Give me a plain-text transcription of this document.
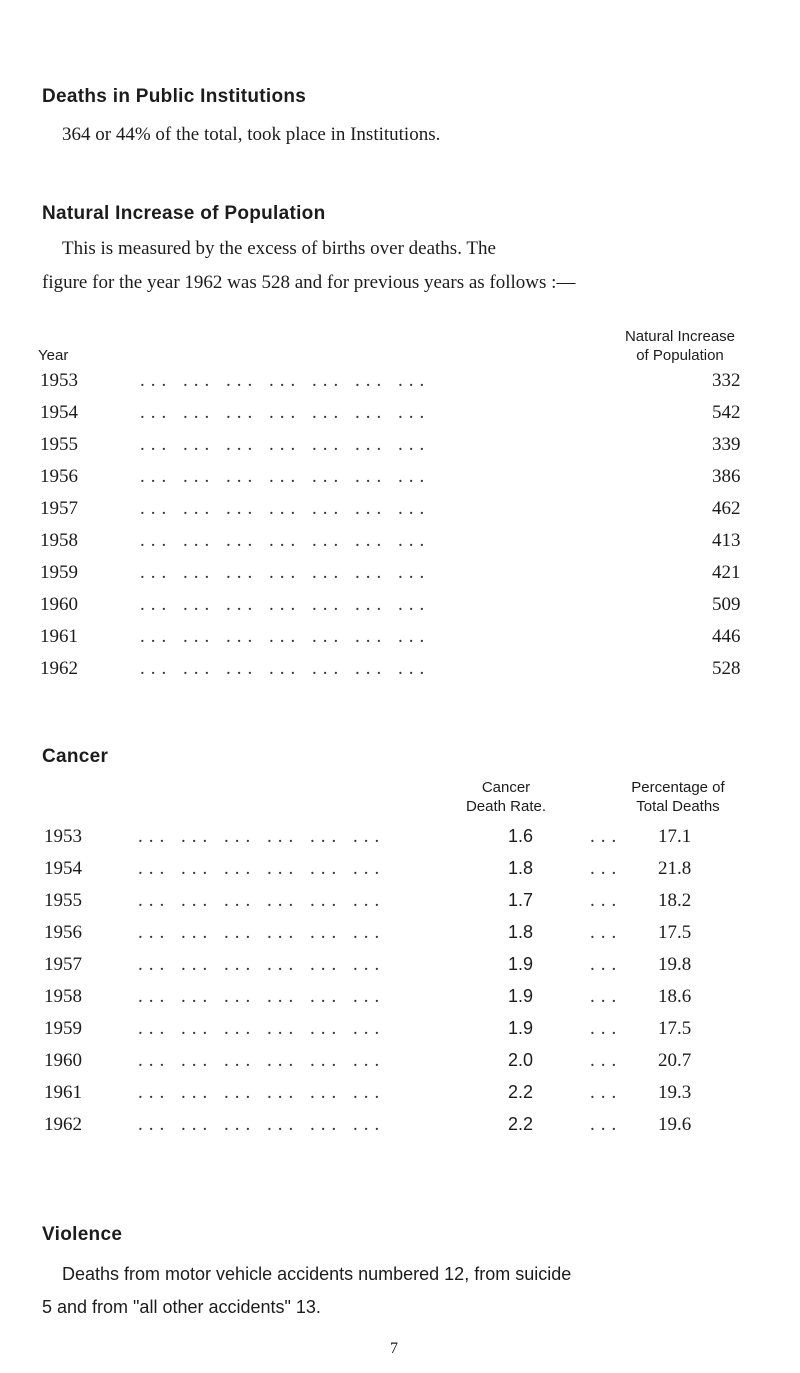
Deaths in Public Institutions
364 or 44% of the total, took place in Institutions.
Natural Increase of Population
This is measured by the excess of births over deaths. The
figure for the year 1962 was 528 and for previous years as follows :—
Year
Natural Increase
of Population
1953	... ... ... ... ... ... ...	332
1954	... ... ... ... ... ... ...	542
1955	... ... ... ... ... ... ...	339
1956	... ... ... ... ... ... ...	386
1957	... ... ... ... ... ... ...	462
1958	... ... ... ... ... ... ...	413
1959	... ... ... ... ... ... ...	421
1960	... ... ... ... ... ... ...	509
1961	... ... ... ... ... ... ...	446
1962	... ... ... ... ... ... ...	528
Cancer
Cancer
Death Rate.
Percentage of
Total Deaths
1953	... ... ... ... ... ...	1.6	... 17.1
1954	... ... ... ... ... ...	1.8	... 21.8
1955	... ... ... ... ... ...	1.7	... 18.2
1956	... ... ... ... ... ...	1.8	... 17.5
1957	... ... ... ... ... ...	1.9	... 19.8
1958	... ... ... ... ... ...	1.9	... 18.6
1959	... ... ... ... ... ...	1.9	... 17.5
1960	... ... ... ... ... ...	2.0	... 20.7
1961	... ... ... ... ... ...	2.2	... 19.3
1962	... ... ... ... ... ...	2.2	... 19.6
Violence
Deaths from motor vehicle accidents numbered 12, from suicide
5 and from "all other accidents" 13.
7
